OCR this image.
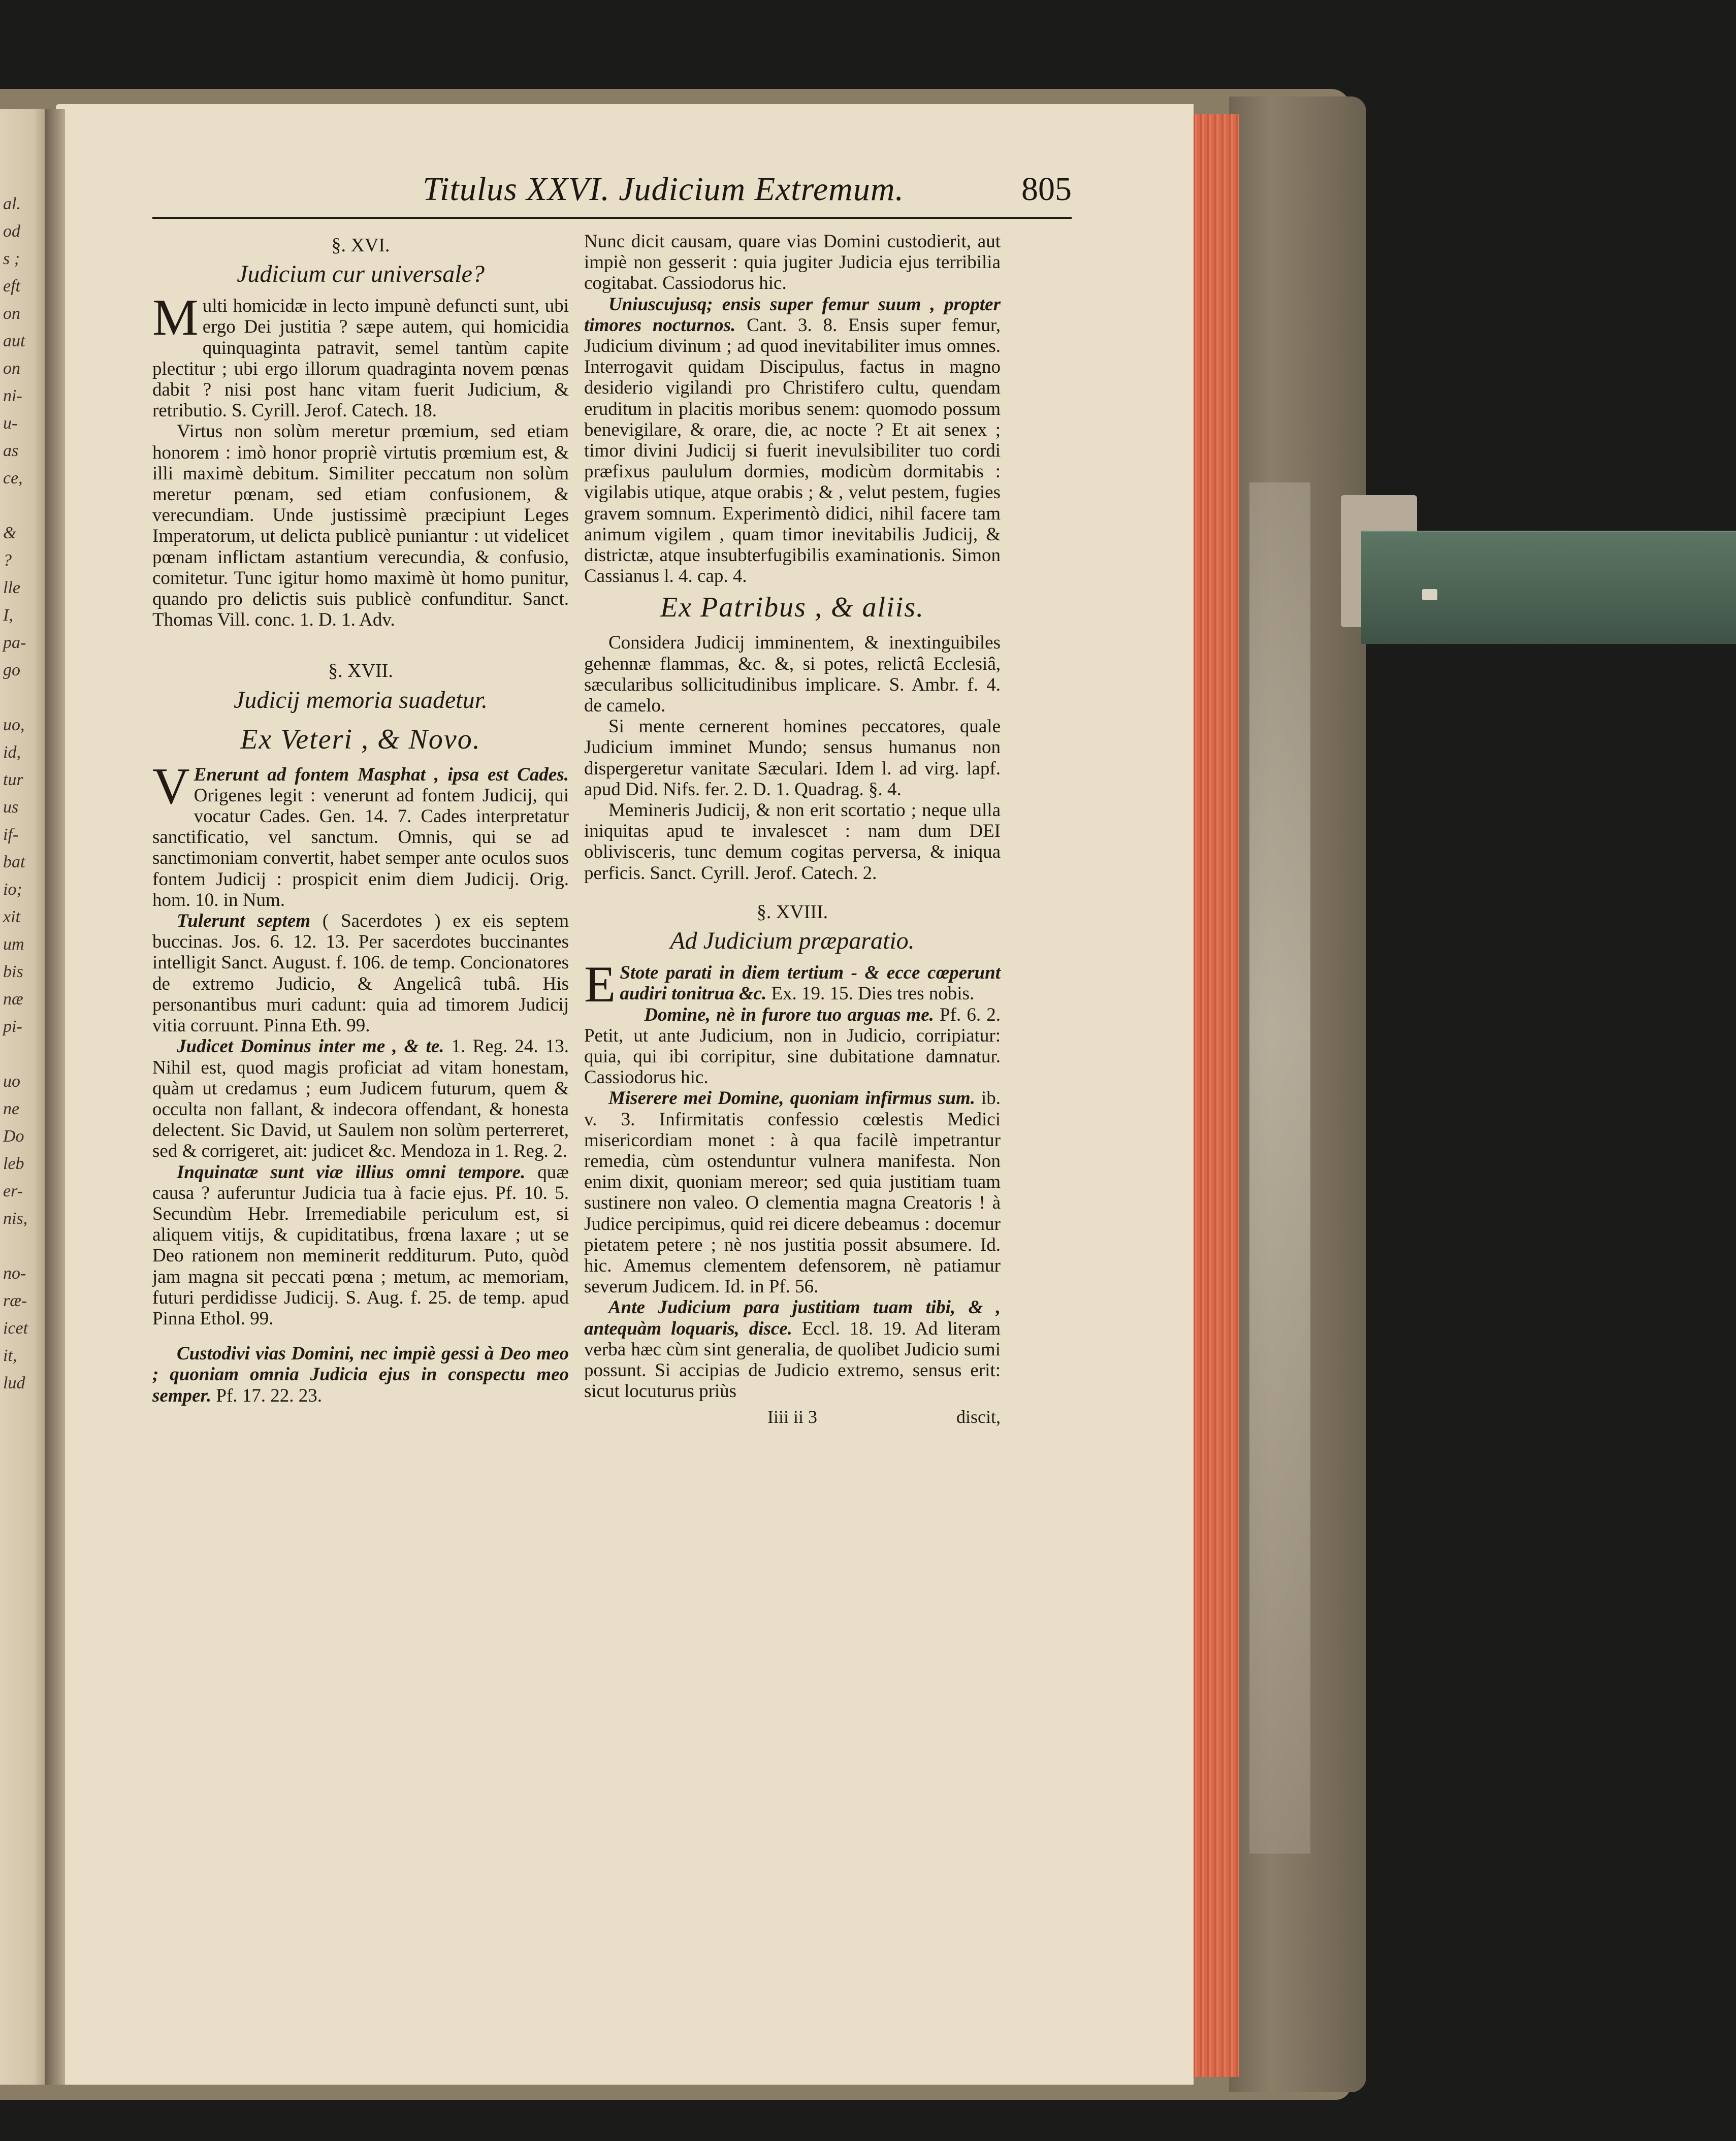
al.
od
s ;
eft
on
aut
on
ni-
u-
as
ce,

&
?
lle
I,
pa-
go

uo,
id,
tur
us
if-
bat
io;
xit
um
bis
næ
pi-

uo
ne
Do
leb
er-
nis,

no-
ræ-
icet
it,
lud
Titulus XXVI. Judicium Extremum.	805
§. XVI.
Judicium cur universale?

Multi homicidæ in lecto impunè defuncti sunt, ubi ergo Dei justitia ? sæpe autem, qui homicidia quinquaginta patravit, semel tantùm capite plectitur ; ubi ergo illorum quadraginta novem pœnas dabit ? nisi post hanc vitam fuerit Judicium, & retributio. S. Cyrill. Jerof. Catech. 18.

Virtus non solùm meretur prœmium, sed etiam honorem : imò honor propriè virtutis prœmium est, & illi maximè debitum. Similiter peccatum non solùm meretur pœnam, sed etiam confusionem, & verecundiam. Unde justissimè præcipiunt Leges Imperatorum, ut delicta publicè puniantur : ut videlicet pœnam inflictam astantium verecundia, & confusio, comitetur. Tunc igitur homo maximè ùt homo punitur, quando pro delictis suis publicè confunditur. Sanct. Thomas Vill. conc. 1. D. 1. Adv.

§. XVII.
Judicij memoria suadetur.
Ex Veteri , & Novo.

V Enerunt ad fontem Masphat , ipsa est Cades. Origenes legit : venerunt ad fontem Judicij, qui vocatur Cades. Gen. 14. 7. Cades interpretatur sanctificatio, vel sanctum. Omnis, qui se ad sanctimoniam convertit, habet semper ante oculos suos fontem Judicij : prospicit enim diem Judicij. Orig. hom. 10. in Num.

Tulerunt septem ( Sacerdotes ) ex eis septem buccinas. Jos. 6. 12. 13. Per sacerdotes buccinantes intelligit Sanct. August. f. 106. de temp. Concionatores de extremo Judicio, & Angelicâ tubâ. His personantibus muri cadunt: quia ad timorem Judicij vitia corruunt. Pinna Eth. 99.

Judicet Dominus inter me , & te. 1. Reg. 24. 13. Nihil est, quod magis proficiat ad vitam honestam, quàm ut credamus ; eum Judicem futurum, quem & occulta non fallant, & indecora offendant, & honesta delectent. Sic David, ut Saulem non solùm perterreret, sed & corrigeret, ait: judicet &c. Mendoza in 1. Reg. 2.

Inquinatæ sunt viæ illius omni tempore. quæ causa ? auferuntur Judicia tua à facie ejus. Pf. 10. 5. Secundùm Hebr. Irremediabile periculum est, si aliquem vitijs, & cupiditatibus, frœna laxare ; ut se Deo rationem non meminerit redditurum. Puto, quòd jam magna sit peccati pœna ; metum, ac memoriam, futuri perdidisse Judicij. S. Aug. f. 25. de temp. apud Pinna Ethol. 99.

Custodivi vias Domini, nec impiè gessi à Deo meo ; quoniam omnia Judicia ejus in conspectu meo semper. Pf. 17. 22. 23.

Nunc dicit causam, quare vias Domini custodierit, aut impiè non gesserit : quia jugiter Judicia ejus terribilia cogitabat. Cassiodorus hic.

Uniuscujusq; ensis super femur suum , propter timores nocturnos. Cant. 3. 8. Ensis super femur, Judicium divinum ; ad quod inevitabiliter imus omnes. Interrogavit quidam Discipulus, factus in magno desiderio vigilandi pro Christifero cultu, quendam eruditum in placitis moribus senem: quomodo possum benevigilare, & orare, die, ac nocte ? Et ait senex ; timor divini Judicij si fuerit inevulsibiliter tuo cordi præfixus paululum dormies, modicùm dormitabis : vigilabis utique, atque orabis ; & , velut pestem, fugies gravem somnum. Experimentò didici, nihil facere tam animum vigilem , quam timor inevitabilis Judicij, & districtæ, atque insubterfugibilis examinationis. Simon Cassianus l. 4. cap. 4.

Ex Patribus , & aliis.

Considera Judicij imminentem, & inextinguibiles gehennæ flammas, &c. &, si potes, relictâ Ecclesiâ, sæcularibus sollicitudinibus implicare. S. Ambr. f. 4. de camelo.

Si mente cernerent homines peccatores, quale Judicium imminet Mundo; sensus humanus non dispergeretur vanitate Sæculari. Idem l. ad virg. lapf. apud Did. Nifs. fer. 2. D. 1. Quadrag. §. 4.

Memineris Judicij, & non erit scortatio ; neque ulla iniquitas apud te invalescet : nam dum DEI oblivisceris, tunc demum cogitas perversa, & iniqua perficis. Sanct. Cyrill. Jerof. Catech. 2.

§. XVIII.
Ad Judicium præparatio.

E Stote parati in diem tertium - & ecce cœperunt audiri tonitrua &c. Ex. 19. 15. Dies tres nobis.

Domine, nè in furore tuo arguas me. Pf. 6. 2. Petit, ut ante Judicium, non in Judicio, corripiatur: quia, qui ibi corripitur, sine dubitatione damnatur. Cassiodorus hic.

Miserere mei Domine, quoniam infirmus sum. ib. v. 3. Infirmitatis confessio cœlestis Medici misericordiam monet : à qua facilè impetrantur remedia, cùm ostenduntur vulnera manifesta. Non enim dixit, quoniam mereor; sed quia justitiam tuam sustinere non valeo. O clementia magna Creatoris ! à Judice percipimus, quid rei dicere debeamus : docemur pietatem petere ; nè nos justitia possit absumere. Id. hic. Amemus clementem defensorem, nè patiamur severum Judicem. Id. in Pf. 56.

Ante Judicium para justitiam tuam tibi, & , antequàm loquaris, disce. Eccl. 18. 19. Ad literam verba hæc cùm sint generalia, de quolibet Judicio sumi possunt. Si accipias de Judicio extremo, sensus erit: sicut locuturus priùs

Iiii ii 3	discit,
